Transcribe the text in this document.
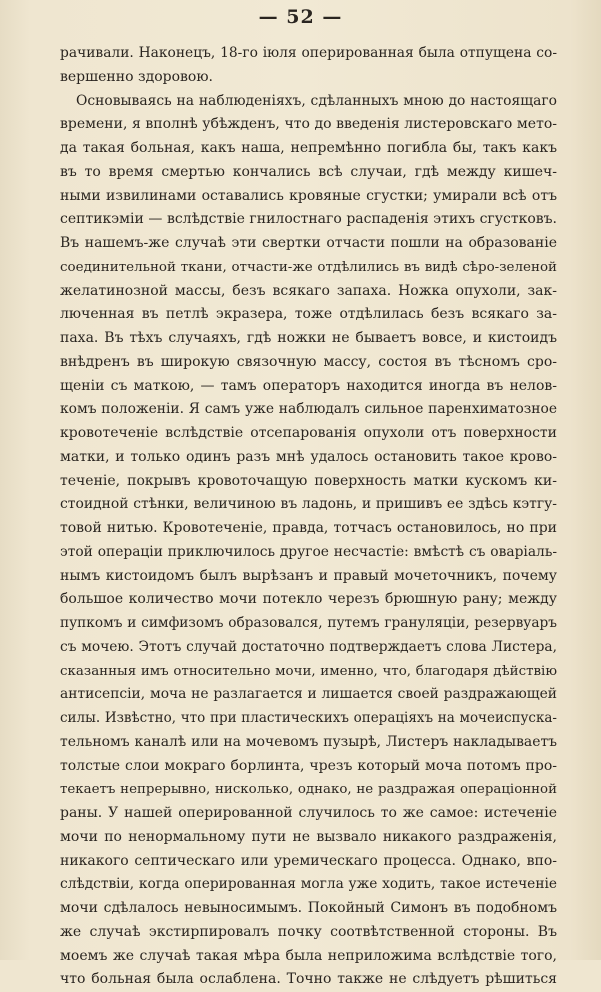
— 52 —
рачивали. Наконецъ, 18-го іюля оперированная была отпущена со-
вершенно здоровою.
Основываясь на наблюденіяхъ, сдѣланныхъ мною до настоящаго
времени, я вполнѣ убѣжденъ, что до введенія листеровскаго мето-
да такая больная, какъ наша, непремѣнно погибла бы, такъ какъ
въ то время смертью кончались всѣ случаи, гдѣ между кишеч-
ными извилинами оставались кровяные сгустки; умирали всѣ отъ
септикэміи — вслѣдствіе гнилостнаго распаденія этихъ сгустковъ.
Въ нашемъ-же случаѣ эти свертки отчасти пошли на образованіе
соединительной ткани, отчасти-же отдѣлились въ видѣ сѣро-зеленой
желатинозной массы, безъ всякаго запаха. Ножка опухоли, зак-
люченная въ петлѣ экразера, тоже отдѣлилась безъ всякаго за-
паха. Въ тѣхъ случаяхъ, гдѣ ножки не бываетъ вовсе, и кистоидъ
внѣдренъ въ широкую связочную массу, состоя въ тѣсномъ сро-
щеніи съ маткою, — тамъ операторъ находится иногда въ нелов-
комъ положеніи. Я самъ уже наблюдалъ сильное паренхиматозное
кровотеченіе вслѣдствіе отсепарованія опухоли отъ поверхности
матки, и только одинъ разъ мнѣ удалось остановить такое крово-
теченіе, покрывъ кровоточащую поверхность матки кускомъ ки-
стоидной стѣнки, величиною въ ладонь, и пришивъ ее здѣсь кэтгу-
товой нитью. Кровотеченіе, правда, тотчасъ остановилось, но при
этой операціи приключилось другое несчастіе: вмѣстѣ съ оваріаль-
нымъ кистоидомъ былъ вырѣзанъ и правый мочеточникъ, почему
большое количество мочи потекло черезъ брюшную рану; между
пупкомъ и симфизомъ образовался, путемъ грануляціи, резервуаръ
съ мочею. Этотъ случай достаточно подтверждаетъ слова Листера,
сказанныя имъ относительно мочи, именно, что, благодаря дѣйствію
антисепсіи, моча не разлагается и лишается своей раздражающей
силы. Извѣстно, что при пластическихъ операціяхъ на мочеиспуска-
тельномъ каналѣ или на мочевомъ пузырѣ, Листеръ накладываетъ
толстые слои мокраго борлинта, чрезъ который моча потомъ про-
текаетъ непрерывно, нисколько, однако, не раздражая операціонной
раны. У нашей оперированной случилось то же самое: истеченіе
мочи по ненормальному пути не вызвало никакого раздраженія,
никакого септическаго или уремическаго процесса. Однако, впо-
слѣдствіи, когда оперированная могла уже ходить, такое истеченіе
мочи сдѣлалось невыносимымъ. Покойный Симонъ въ подобномъ
же случаѣ экстирпировалъ почку соотвѣтственной стороны. Въ
моемъ же случаѣ такая мѣра была неприложима вслѣдствіе того,
что больная была ослаблена. Точно также не слѣдуетъ рѣшиться
